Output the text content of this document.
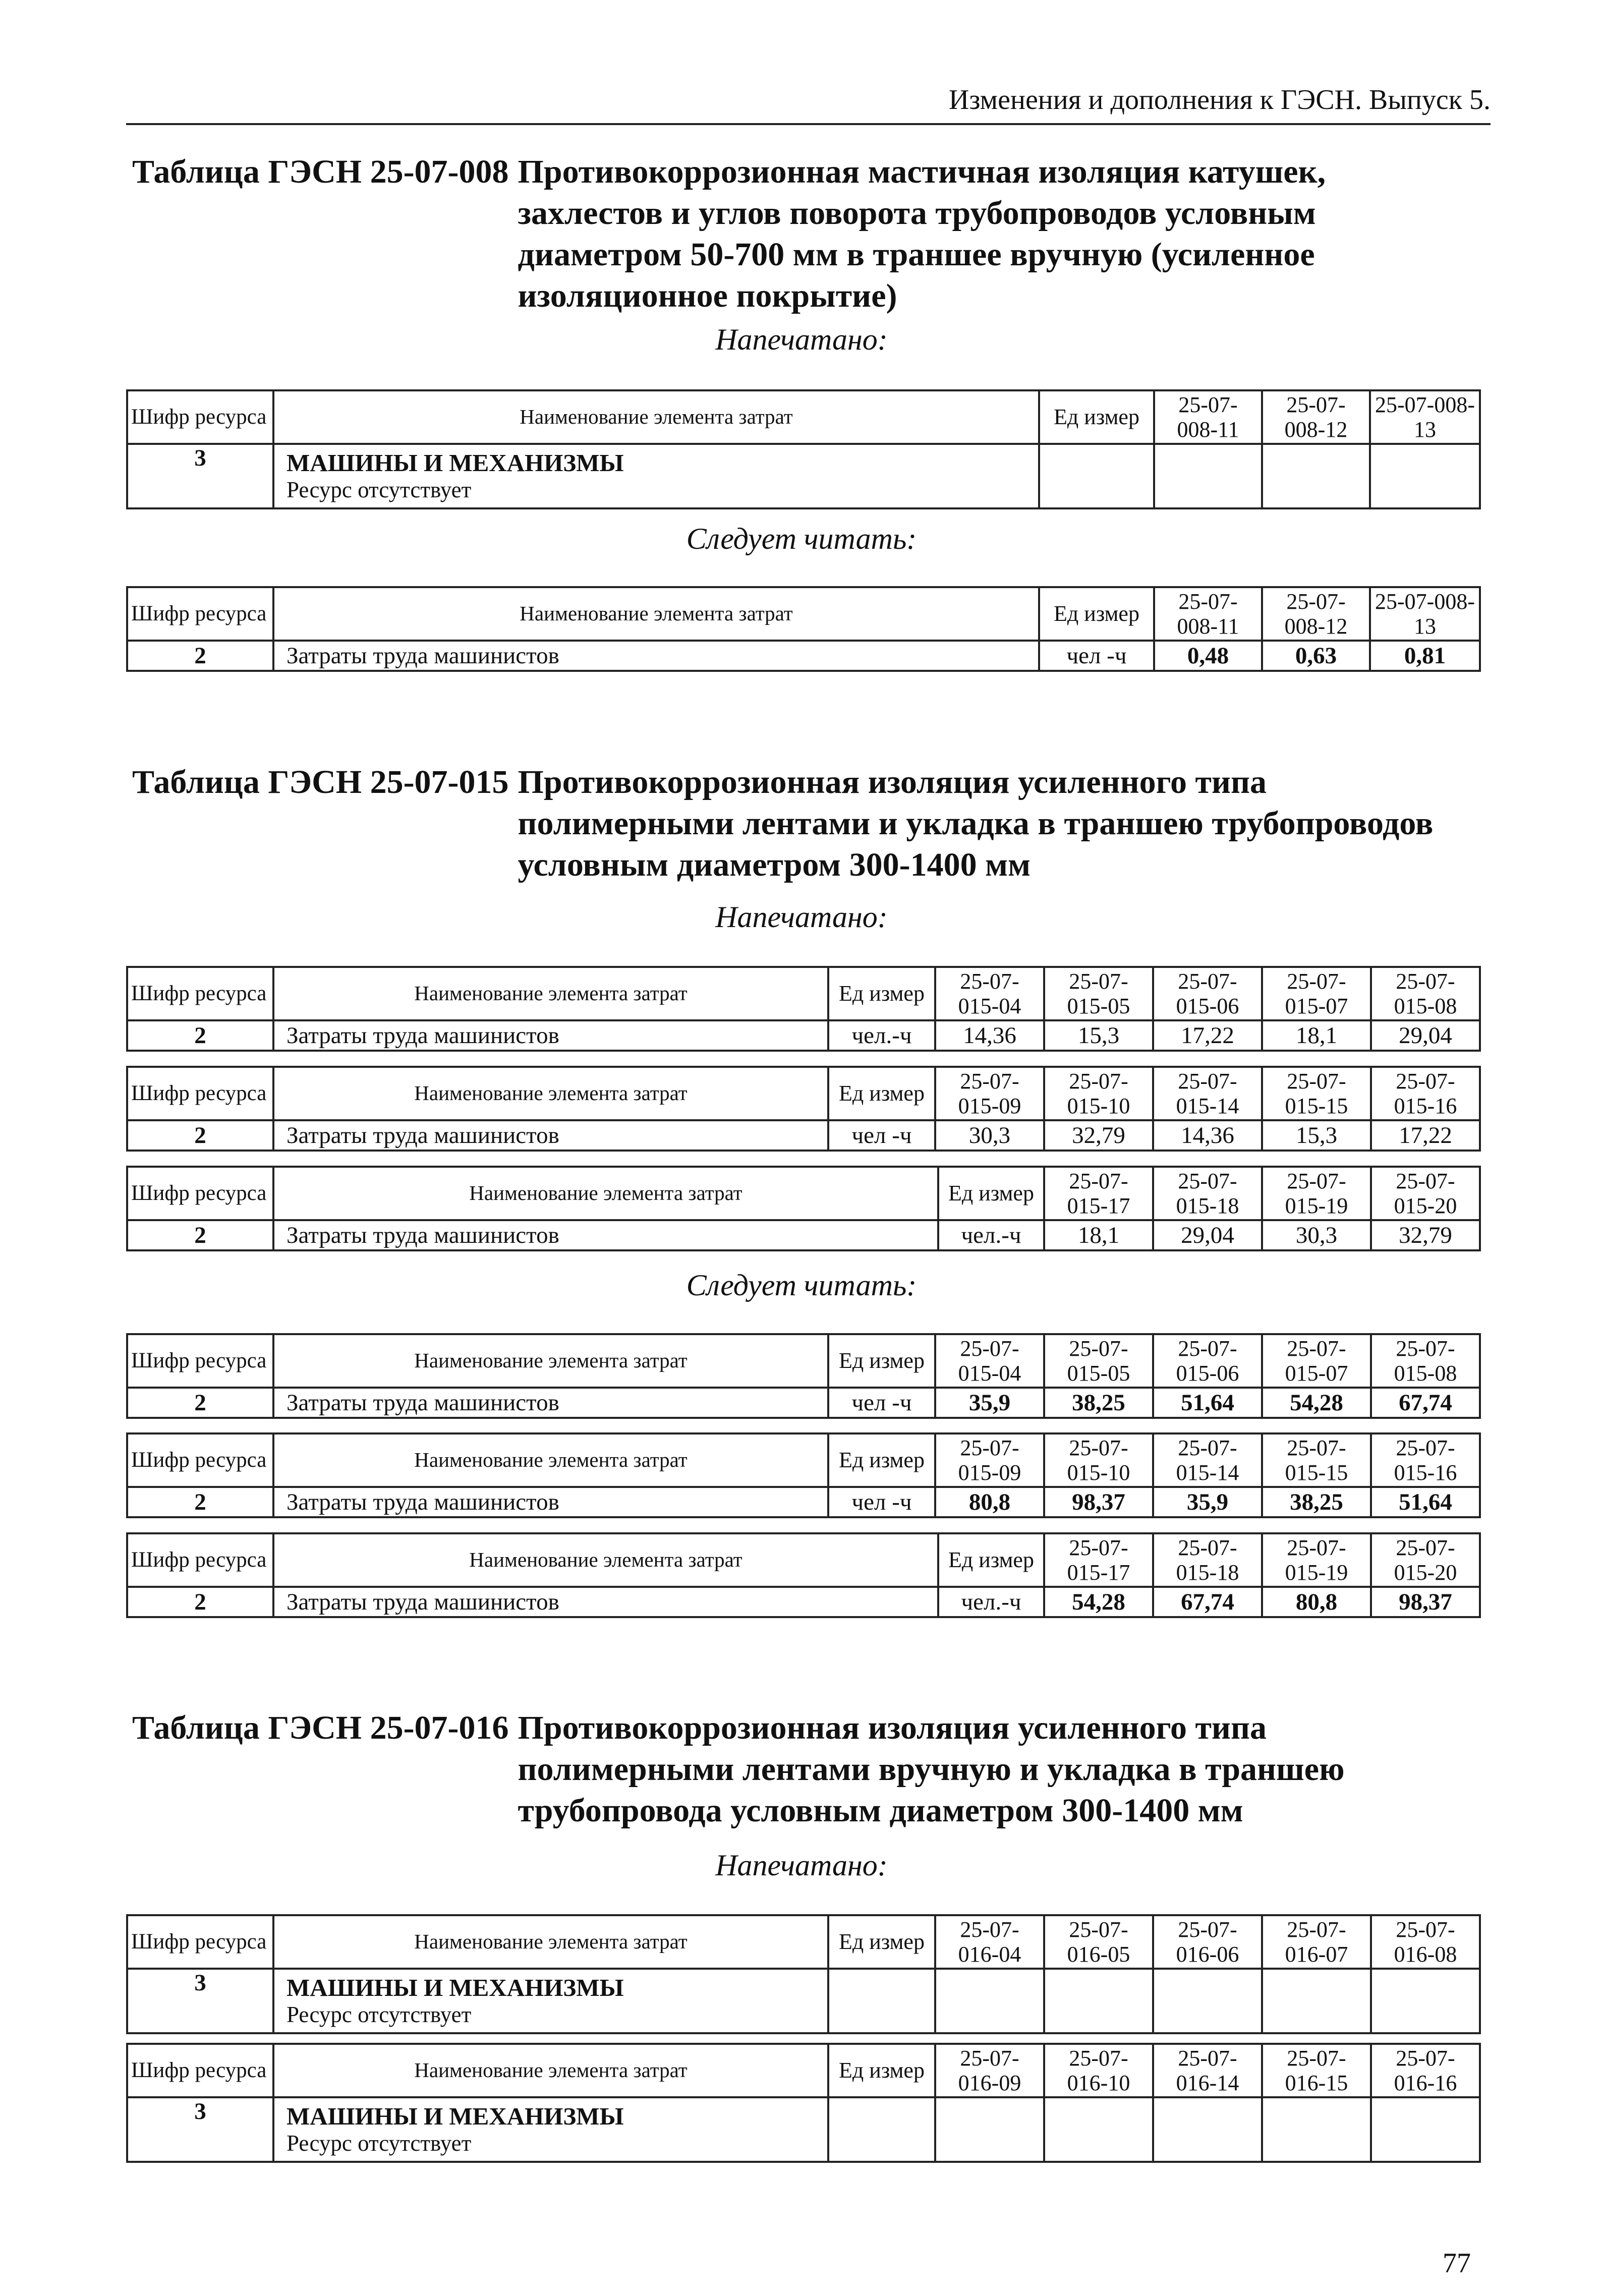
Изменения и дополнения к ГЭСН. Выпуск 5.
Таблица ГЭСН 25-07-008 Противокоррозионная мастичная изоляция катушек, захлестов и углов поворота трубопроводов условным диаметром 50-700 мм в траншее вручную (усиленное изоляционное покрытие)
Напечатано:
Шифр ресурса	Наименование элемента затрат	Ед измер	25-07-008-11	25-07-008-12	25-07-008-13
3	МАШИНЫ И МЕХАНИЗМЫ
Ресурс отсутствует				

Следует читать:
Шифр ресурса	Наименование элемента затрат	Ед измер	25-07-008-11	25-07-008-12	25-07-008-13
2	Затраты труда машинистов	чел -ч	0,48	0,63	0,81
Таблица ГЭСН 25-07-015 Противокоррозионная изоляция усиленного типа полимерными лентами и укладка в траншею трубопроводов условным диаметром 300-1400 мм
Напечатано:
Шифр ресурса	Наименование элемента затрат	Ед измер	25-07-015-04	25-07-015-05	25-07-015-06	25-07-015-07	25-07-015-08
2	Затраты труда машинистов	чел.-ч	14,36	15,3	17,22	18,1	29,04
Шифр ресурса	Наименование элемента затрат	Ед измер	25-07-015-09	25-07-015-10	25-07-015-14	25-07-015-15	25-07-015-16
2	Затраты труда машинистов	чел -ч	30,3	32,79	14,36	15,3	17,22
Шифр ресурса	Наименование элемента затрат	Ед измер	25-07-015-17	25-07-015-18	25-07-015-19	25-07-015-20
2	Затраты труда машинистов	чел.-ч	18,1	29,04	30,3	32,79
Следует читать:
Шифр ресурса	Наименование элемента затрат	Ед измер	25-07-015-04	25-07-015-05	25-07-015-06	25-07-015-07	25-07-015-08
2	Затраты труда машинистов	чел -ч	35,9	38,25	51,64	54,28	67,74
Шифр ресурса	Наименование элемента затрат	Ед измер	25-07-015-09	25-07-015-10	25-07-015-14	25-07-015-15	25-07-015-16
2	Затраты труда машинистов	чел -ч	80,8	98,37	35,9	38,25	51,64
Шифр ресурса	Наименование элемента затрат	Ед измер	25-07-015-17	25-07-015-18	25-07-015-19	25-07-015-20
2	Затраты труда машинистов	чел.-ч	54,28	67,74	80,8	98,37
Таблица ГЭСН 25-07-016 Противокоррозионная изоляция усиленного типа полимерными лентами вручную и укладка в траншею трубопровода условным диаметром 300-1400 мм
Напечатано:
Шифр ресурса	Наименование элемента затрат	Ед измер	25-07-016-04	25-07-016-05	25-07-016-06	25-07-016-07	25-07-016-08
3	МАШИНЫ И МЕХАНИЗМЫ
Ресурс отсутствует						

Шифр ресурса	Наименование элемента затрат	Ед измер	25-07-016-09	25-07-016-10	25-07-016-14	25-07-016-15	25-07-016-16
3	МАШИНЫ И МЕХАНИЗМЫ
Ресурс отсутствует						

77
